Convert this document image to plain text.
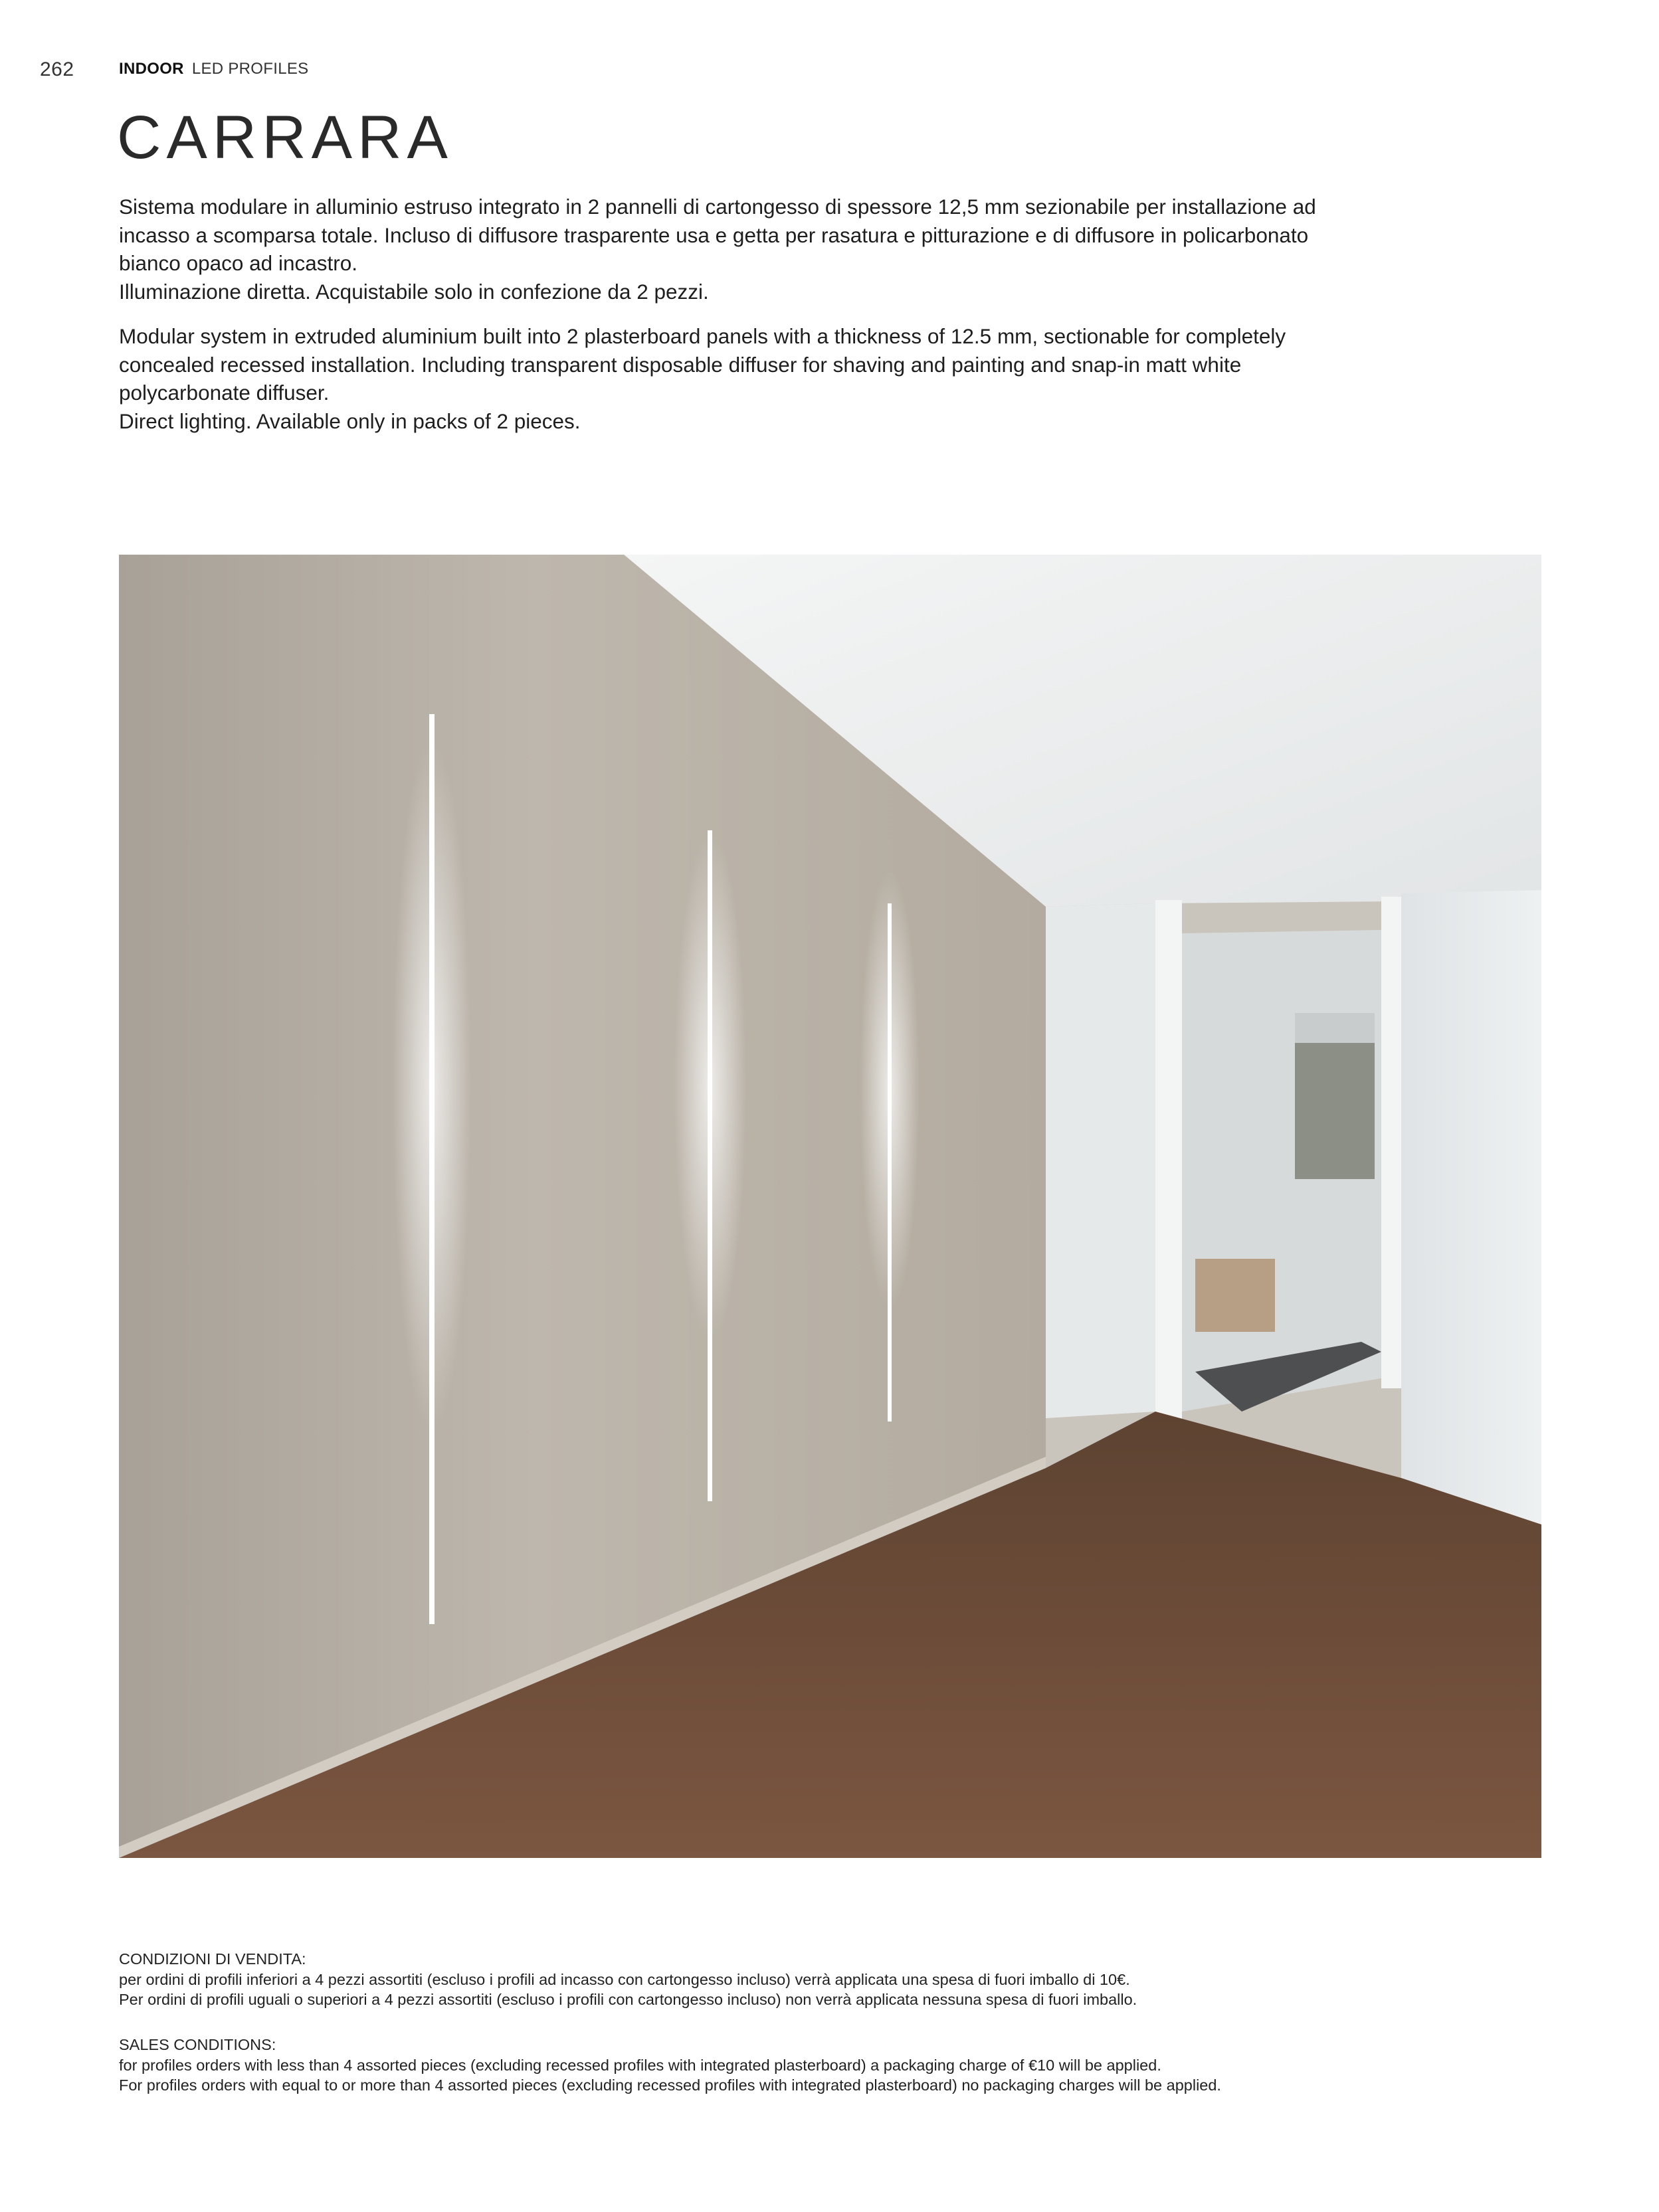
262	INDOOR LED PROFILES
CARRARA

Sistema modulare in alluminio estruso integrato in 2 pannelli di cartongesso di spessore 12,5 mm sezionabile per installazione ad

incasso a scomparsa totale. Incluso di diffusore trasparente usa e getta per rasatura e pitturazione e di diffusore in policarbonato

bianco opaco ad incastro.

Illuminazione diretta. Acquistabile solo in confezione da 2 pezzi.

Modular system in extruded aluminium built into 2 plasterboard panels with a thickness of 12.5 mm, sectionable for completely

concealed recessed installation. Including transparent disposable diffuser for shaving and painting and snap-in matt white

polycarbonate diffuser.

Direct lighting. Available only in packs of 2 pieces.

CONDIZIONI DI VENDITA:

per ordini di profili inferiori a 4 pezzi assortiti (escluso i profili ad incasso con cartongesso incluso) verrà applicata una spesa di fuori imballo di 10€.

Per ordini di profili uguali o superiori a 4 pezzi assortiti (escluso i profili con cartongesso incluso) non verrà applicata nessuna spesa di fuori imballo.

SALES CONDITIONS:

for profiles orders with less than 4 assorted pieces (excluding recessed profiles with integrated plasterboard) a packaging charge of €10 will be applied.

For profiles orders with equal to or more than 4 assorted pieces (excluding recessed profiles with integrated plasterboard) no packaging charges will be applied.
